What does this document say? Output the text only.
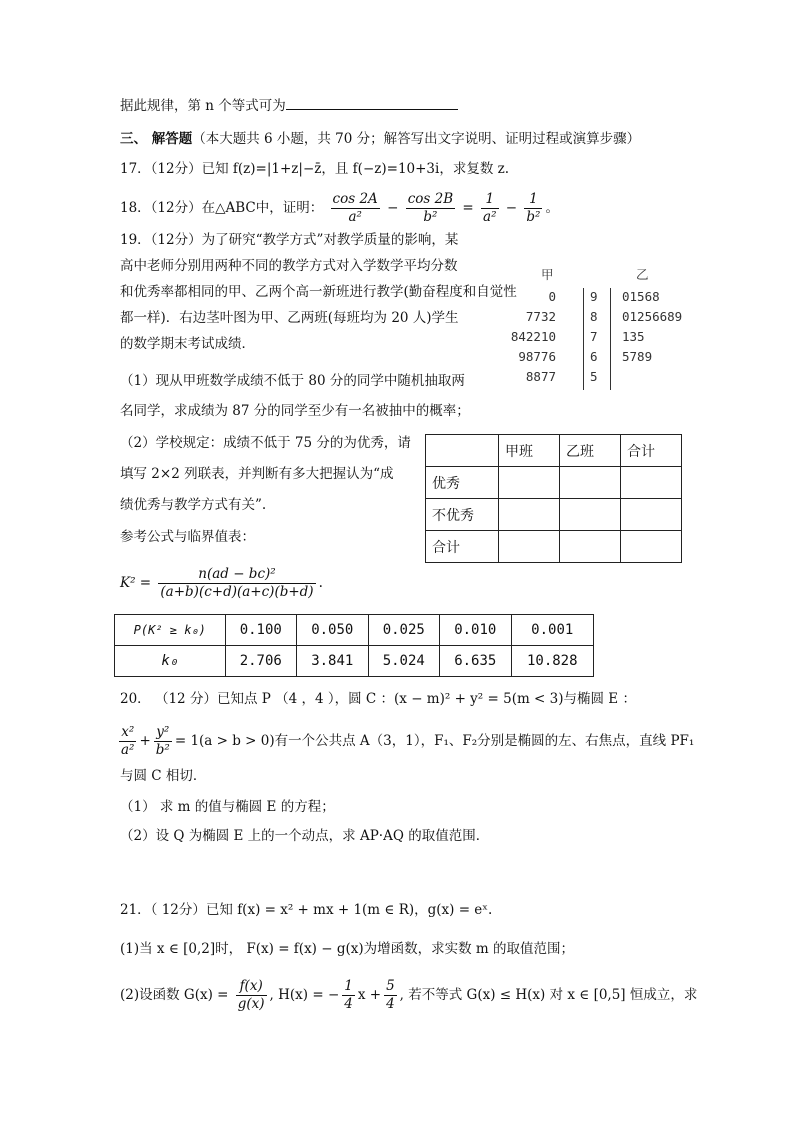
据此规律，第 n 个等式可为
三、 解答题（本大题共 6 小题，共 70 分；解答写出文字说明、证明过程或演算步骤）
17．（12分）已知 f(z)=|1+z|−z̄，且 f(−z)=10+3i，求复数 z.
18．（12分）在△ABC中，证明： $\frac{\cos 2A}{\text{a²}} - \frac{\cos 2B}{\text{b²}} = \frac{1}{\text{a²}} - \frac{1}{\text{b²}}$ 。
19．（12分）为了研究“教学方式”对教学质量的影响，某
高中老师分别用两种不同的教学方式对入学数学平均分数
和优秀率都相同的甲、乙两个高一新班进行教学(勤奋程度和自觉性
都一样)．右边茎叶图为甲、乙两班(每班均为 20 人)学生
的数学期末考试成绩．
甲	乙
0	9 01568
7732	8 01256689
842210	7 135
98776	6 5789
8877	5
（1）现从甲班数学成绩不低于 80 分的同学中随机抽取两
名同学，求成绩为 87 分的同学至少有一名被抽中的概率；
（2）学校规定：成绩不低于 75 分的为优秀，请
填写 2×2 列联表，并判断有多大把握认为“成
绩优秀与教学方式有关”.
参考公式与临界值表：
	甲班	乙班	合计
优秀			
不优秀			
合计			
$K^2 = \frac{\text{n(ad − bc)²}}{(a+b)(c+d)(a+c)(b+d)}$ .
P(K² ≥ k₀)	0.100	0.050	0.025	0.010	0.001
k₀	2.706	3.841	5.024	6.635	10.828
20． （12 分）已知点 P （4 ，4 ），圆 C ：(x − m)² + y² = 5(m < 3)与椭圆 E ：
$\frac{\text{x²}}{\text{a²}} + \frac{\text{y²}}{\text{b²}} = 1(a > b > 0)$有一个公共点 A（3，1），F₁、F₂分别是椭圆的左、右焦点，直线 PF₁
与圆 C 相切．
（1） 求 m 的值与椭圆 E 的方程；
（2）设 Q 为椭圆 E 上的一个动点，求 AP·AQ 的取值范围．
21．（ 12分）已知 f(x) = x² + mx + 1(m ∈ R)，g(x) = eˣ.
(1)当 x ∈ [0,2]时， F(x) = f(x) − g(x)为增函数，求实数 m 的取值范围；
(2)设函数 $G(x) = \frac{f(x)}{g(x)}$ , H(x) = − $\frac{1}{4}$ $x + \frac{5}{4}$ , 若不等式 G(x) ≤ H(x) 对 x ∈ [0,5] 恒成立，求
